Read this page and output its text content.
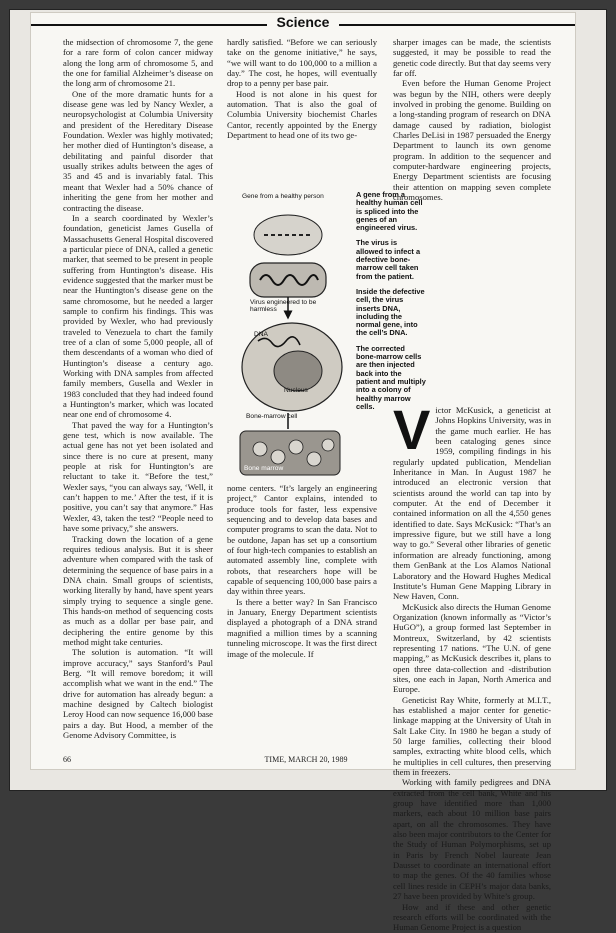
Science

the midsection of chromosome 7, the gene for a rare form of colon cancer midway along the long arm of chromosome 5, and the one for familial Alzheimer’s disease on the long arm of chromosome 21.

One of the more dramatic hunts for a disease gene was led by Nancy Wexler, a neuropsychologist at Columbia University and president of the Hereditary Disease Foundation. Wexler was highly motivated; her mother died of Huntington’s disease, a debilitating and painful disorder that usually strikes adults between the ages of 35 and 45 and is invariably fatal. This meant that Wexler had a 50% chance of inheriting the gene from her mother and contracting the disease.

In a search coordinated by Wexler’s foundation, geneticist James Gusella of Massachusetts General Hospital discovered a particular piece of DNA, called a genetic marker, that seemed to be present in people suffering from Huntington’s disease. His evidence suggested that the marker must be near the Huntington’s disease gene on the same chromosome, but he needed a larger sample to confirm his findings. This was provided by Wexler, who had previously traveled to Venezuela to chart the family tree of a clan of some 5,000 people, all of them descendants of a woman who died of Huntington’s disease a century ago. Working with DNA samples from affected family members, Gusella and Wexler in 1983 concluded that they had indeed found a Huntington’s marker, which was located near one end of chromosome 4.

That paved the way for a Huntington’s gene test, which is now available. The actual gene has not yet been isolated and since there is no cure at present, many people at risk for Huntington’s are reluctant to take it. “Before the test,” Wexler says, “you can always say, ‘Well, it can’t happen to me.’ After the test, if it is positive, you can’t say that anymore.” Has Wexler, 43, taken the test? “People need to have some privacy,” she answers.

Tracking down the location of a gene requires tedious analysis. But it is sheer adventure when compared with the task of determining the sequence of base pairs in a DNA chain. Small groups of scientists, working literally by hand, have spent years simply trying to sequence a single gene. This hands-on method of sequencing costs as much as a dollar per base pair, and deciphering the entire genome by this method might take centuries.

The solution is automation. “It will improve accuracy,” says Stanford’s Paul Berg. “It will remove boredom; it will accomplish what we want in the end.” The drive for automation has already begun: a machine designed by Caltech biologist Leroy Hood can now sequence 16,000 base pairs a day. But Hood, a member of the Genome Advisory Committee, is

hardly satisfied. “Before we can seriously take on the genome initiative,” he says, “we will want to do 100,000 to a million a day.” The cost, he hopes, will eventually drop to a penny per base pair.

Hood is not alone in his quest for automation. That is also the goal of Columbia University biochemist Charles Cantor, recently appointed by the Energy Department to head one of its two ge-

Gene from a healthy person
Virus engineered to be harmless
DNA
Nucleus
Bone-marrow cell
Bone marrow

A gene from a healthy human cell is spliced into the genes of an engineered virus.

The virus is allowed to infect a defective bone-marrow cell taken from the patient.

Inside the defective cell, the virus inserts DNA, including the normal gene, into the cell’s DNA.

The corrected bone-marrow cells are then injected back into the patient and multiply into a colony of healthy marrow cells.

nome centers. “It’s largely an engineering project,” Cantor explains, intended to produce tools for faster, less expensive sequencing and to develop data bases and computer programs to scan the data. Not to be outdone, Japan has set up a consortium of four high-tech companies to establish an automated assembly line, complete with robots, that researchers hope will be capable of sequencing 100,000 base pairs a day within three years.

Is there a better way? In San Francisco in January, Energy Department scientists displayed a photograph of a DNA strand magnified a million times by a scanning tunneling microscope. It was the first direct image of the molecule. If

sharper images can be made, the scientists suggested, it may be possible to read the genetic code directly. But that day seems very far off.

Even before the Human Genome Project was begun by the NIH, others were deeply involved in probing the genome. Building on a long-standing program of research on DNA damage caused by radiation, biologist Charles DeLisi in 1987 persuaded the Energy Department to launch its own genome program. In addition to the sequencer and computer-hardware engineering projects, Energy Department scientists are focusing their attention on mapping seven complete chromosomes.

Victor McKusick, a geneticist at Johns Hopkins University, was in the game much earlier. He has been cataloging genes since 1959, compiling findings in his regularly updated publication, Mendelian Inheritance in Man. In August 1987 he introduced an electronic version that scientists around the world can tap into by computer. At the end of December it contained information on all the 4,550 genes identified to date. Says McKusick: “That’s an impressive figure, but we still have a long way to go.” Several other libraries of genetic information are already functioning, among them GenBank at the Los Alamos National Laboratory and the Howard Hughes Medical Institute’s Human Gene Mapping Library in New Haven, Conn.

McKusick also directs the Human Genome Organization (known informally as “Victor’s HuGO”), a group formed last September in Montreux, Switzerland, by 42 scientists representing 17 nations. “The U.N. of gene mapping,” as McKusick describes it, plans to open three data-collection and -distribution sites, one each in Japan, North America and Europe.

Geneticist Ray White, formerly at M.I.T., has established a major center for genetic-linkage mapping at the University of Utah in Salt Lake City. In 1980 he began a study of 50 large families, collecting their blood samples, extracting white blood cells, which he multiplies in cell cultures, then preserving them in freezers.

Working with family pedigrees and DNA extracted from the cell bank, White and his group have identified more than 1,000 markers, each about 10 million base pairs apart, on all the chromosomes. They have also been major contributors to the Center for the Study of Human Polymorphisms, set up in Paris by French Nobel laureate Jean Dausset to coordinate an international effort to map the genes. Of the 40 families whose cell lines reside in CEPH’s major data banks, 27 have been provided by White’s group.

How and if these and other genetic research efforts will be coordinated with the Human Genome Project is a question

66	TIME, MARCH 20, 1989
